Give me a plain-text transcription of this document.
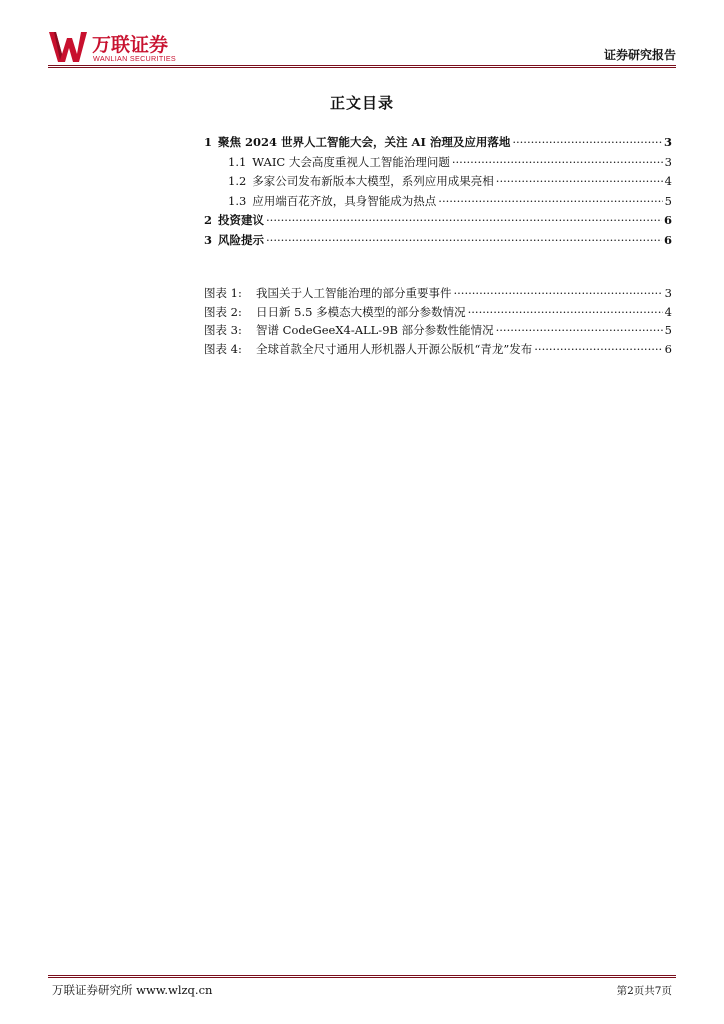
万联证券
WANLIAN SECURITIES	证券研究报告
正文目录
1 聚焦 2024 世界人工智能大会，关注 AI 治理及应用落地 .....	3
1.1 WAIC 大会高度重视人工智能治理问题 .....	3
1.2 多家公司发布新版本大模型，系列应用成果亮相 .....	4
1.3 应用端百花齐放，具身智能成为热点 .....	5
2 投资建议 .....	6
3 风险提示 .....	6
图表 1:	我国关于人工智能治理的部分重要事件 .....	3
图表 2:	日日新 5.5 多模态大模型的部分参数情况 .....	4
图表 3:	智谱 CodeGeeX4-ALL-9B 部分参数性能情况 .....	5
图表 4:	全球首款全尺寸通用人形机器人开源公版机“青龙”发布 .....	6
万联证券研究所 www.wlzq.cn	第2页共7页
